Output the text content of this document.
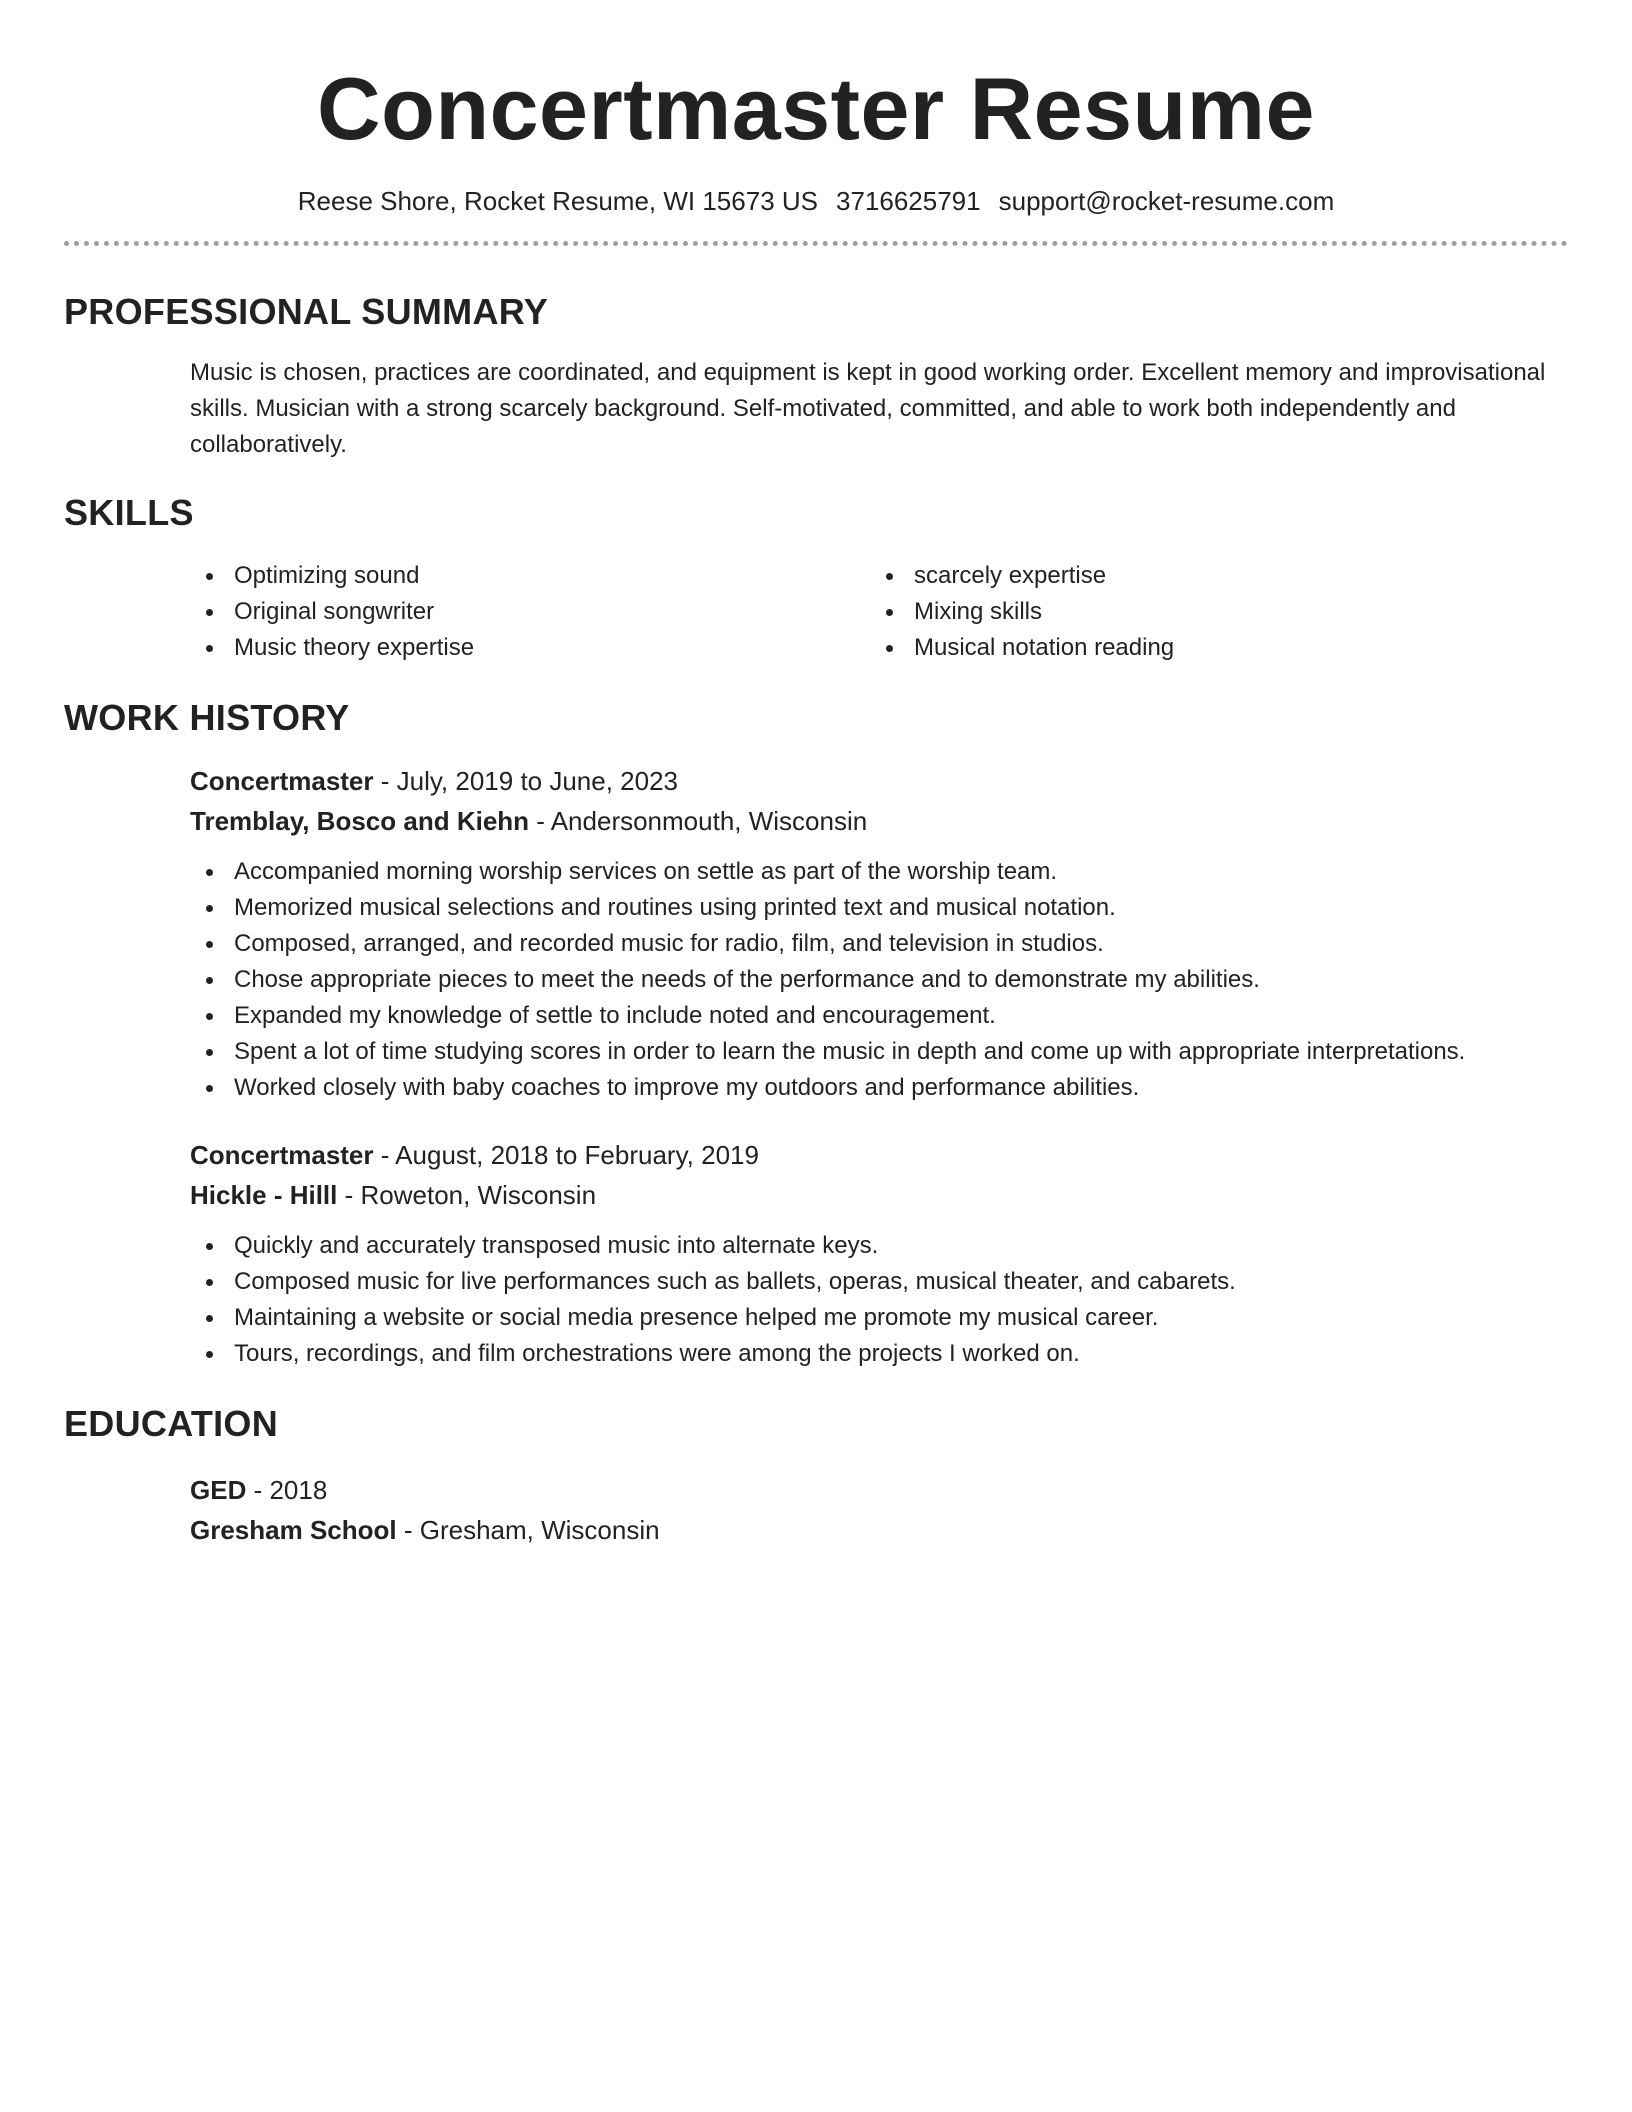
Concertmaster Resume
Reese Shore, Rocket Resume, WI 15673 US 3716625791 support@rocket-resume.com
PROFESSIONAL SUMMARY
Music is chosen, practices are coordinated, and equipment is kept in good working order. Excellent memory and improvisational skills. Musician with a strong scarcely background. Self-motivated, committed, and able to work both independently and collaboratively.
SKILLS
Optimizing sound
Original songwriter
Music theory expertise
scarcely expertise
Mixing skills
Musical notation reading
WORK HISTORY
Concertmaster - July, 2019 to June, 2023
Tremblay, Bosco and Kiehn - Andersonmouth, Wisconsin
Accompanied morning worship services on settle as part of the worship team.
Memorized musical selections and routines using printed text and musical notation.
Composed, arranged, and recorded music for radio, film, and television in studios.
Chose appropriate pieces to meet the needs of the performance and to demonstrate my abilities.
Expanded my knowledge of settle to include noted and encouragement.
Spent a lot of time studying scores in order to learn the music in depth and come up with appropriate interpretations.
Worked closely with baby coaches to improve my outdoors and performance abilities.
Concertmaster - August, 2018 to February, 2019
Hickle - Hilll - Roweton, Wisconsin
Quickly and accurately transposed music into alternate keys.
Composed music for live performances such as ballets, operas, musical theater, and cabarets.
Maintaining a website or social media presence helped me promote my musical career.
Tours, recordings, and film orchestrations were among the projects I worked on.
EDUCATION
GED - 2018
Gresham School - Gresham, Wisconsin
